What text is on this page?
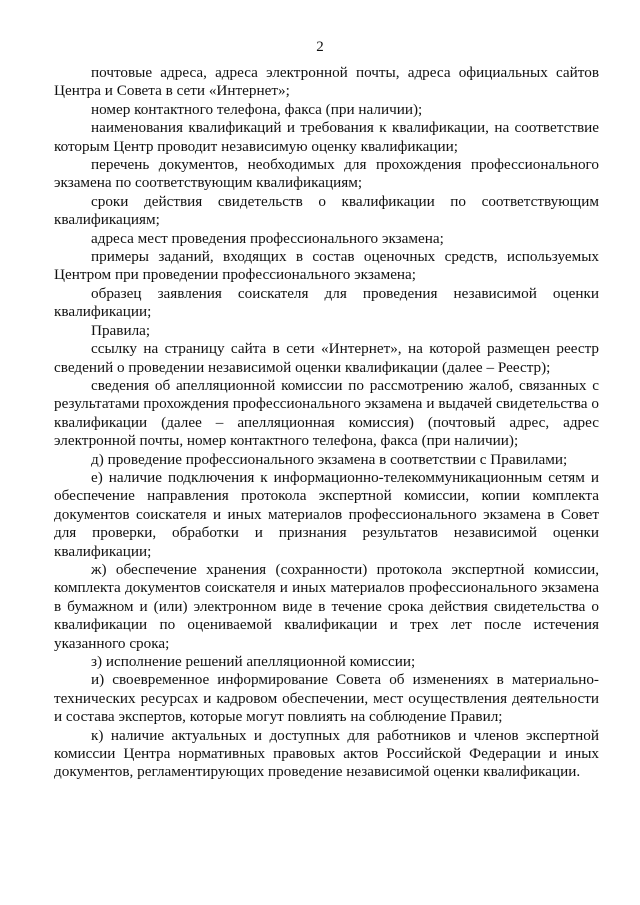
2

почтовые адреса, адреса электронной почты, адреса официальных сайтов Центра и Совета в сети «Интернет»;

номер контактного телефона, факса (при наличии);

наименования квалификаций и требования к квалификации, на соответствие которым Центр проводит независимую оценку квалификации;

перечень документов, необходимых для прохождения профессионального экзамена по соответствующим квалификациям;

сроки действия свидетельств о квалификации по соответствующим квалификациям;

адреса мест проведения профессионального экзамена;

примеры заданий, входящих в состав оценочных средств, используемых Центром при проведении профессионального экзамена;

образец заявления соискателя для проведения независимой оценки квалификации;

Правила;

ссылку на страницу сайта в сети «Интернет», на которой размещен реестр сведений о проведении независимой оценки квалификации (далее – Реестр);

сведения об апелляционной комиссии по рассмотрению жалоб, связанных с результатами прохождения профессионального экзамена и выдачей свидетельства о квалификации (далее – апелляционная комиссия) (почтовый адрес, адрес электронной почты, номер контактного телефона, факса (при наличии);

д) проведение профессионального экзамена в соответствии с Правилами;

е) наличие подключения к информационно-телекоммуникационным сетям и обеспечение направления протокола экспертной комиссии, копии комплекта документов соискателя и иных материалов профессионального экзамена в Совет для проверки, обработки и признания результатов независимой оценки квалификации;

ж) обеспечение хранения (сохранности) протокола экспертной комиссии, комплекта документов соискателя и иных материалов профессионального экзамена в бумажном и (или) электронном виде в течение срока действия свидетельства о квалификации по оцениваемой квалификации и трех лет после истечения указанного срока;

з) исполнение решений апелляционной комиссии;

и) своевременное информирование Совета об изменениях в материально-технических ресурсах и кадровом обеспечении, мест осуществления деятельности и состава экспертов, которые могут повлиять на соблюдение Правил;

к) наличие актуальных и доступных для работников и членов экспертной комиссии Центра нормативных правовых актов Российской Федерации и иных документов, регламентирующих проведение независимой оценки квалификации.
